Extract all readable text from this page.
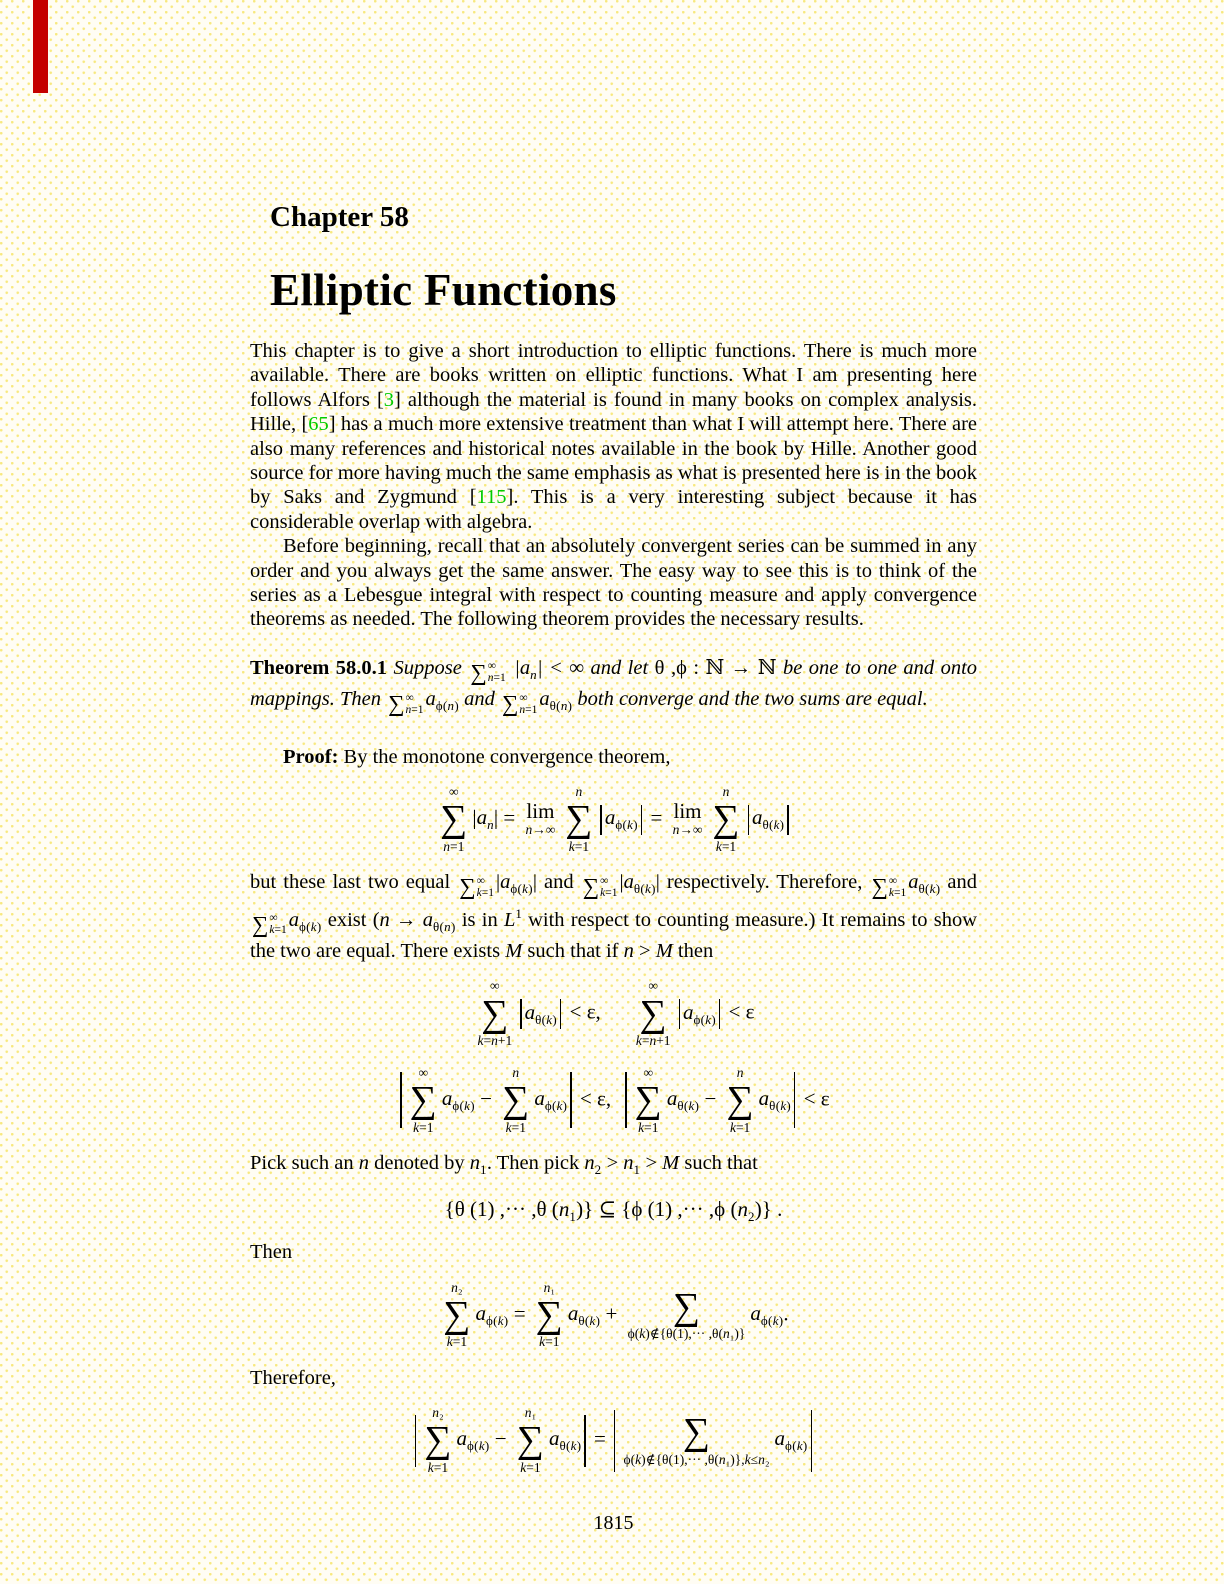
Chapter 58
Elliptic Functions
This chapter is to give a short introduction to elliptic functions. There is much more available. There are books written on elliptic functions. What I am presenting here follows Alfors [3] although the material is found in many books on complex analysis. Hille, [65] has a much more extensive treatment than what I will attempt here. There are also many references and historical notes available in the book by Hille. Another good source for more having much the same emphasis as what is presented here is in the book by Saks and Zygmund [115]. This is a very interesting subject because it has considerable overlap with algebra.
Before beginning, recall that an absolutely convergent series can be summed in any order and you always get the same answer. The easy way to see this is to think of the series as a Lebesgue integral with respect to counting measure and apply convergence theorems as needed. The following theorem provides the necessary results.
Theorem 58.0.1 Suppose ∑ ∞
n=1 $|a_n|$ < ∞ and let θ ,ϕ : ℕ → ℕ be one to one and onto mappings. Then ∑ ∞
n=1 $a_{\phi(n)}$ and ∑ ∞
n=1 $a_{\theta(n)}$ both converge and the two sums are equal.
Proof: By the monotone convergence theorem,
∞
∑
n=1
$|a_n| = \lim$
n→∞
n
∑
k=1
$a_{\phi(k)} = \lim$
n→∞
n
∑
k=1
$a_{\theta(k)}$
but these last two equal ∑ ∞
k=1 $|a_{\phi(k)}|$ and ∑ ∞
k=1 $|a_{\theta(k)}|$ respectively. Therefore, ∑ ∞
k=1 $a_{\theta(k)}$ and
∑ ∞
k=1 $a_{\phi(k)}$ exist ($n \to a_{\theta(n)}$ is in $L^1$ with respect to counting measure.) It remains to show the two are equal. There exists M such that if n > M then
∞
∑
k=n+1
$a_{\theta(k)} < \varepsilon$,
∞
∑
k=n+1
$a_{\phi(k)} < \varepsilon$
∞
∑
k=1
$a_{\phi(k)}$ −
n
∑
k=1
$a_{\phi(k)} < \varepsilon$,
∞
∑
k=1
$a_{\theta(k)}$ −
n
∑
k=1
$a_{\theta(k)} < \varepsilon$
Pick such an n denoted by $n_1$. Then pick $n_2 > n_1 > M$ such that
{θ (1) ,··· ,θ $(n_1)$} ⊆ {ϕ (1) ,··· ,ϕ $(n_2)$} .
Then
n₂
∑
k=1
$a_{\phi(k)}$ =
n₁
∑
k=1
$a_{\theta(k)}$ + ∑
ϕ(k)∉{θ(1),··· ,θ(n₁)}
$a_{\phi(k)}$.
Therefore,
n₂
∑
k=1
$a_{\phi(k)}$ −
n₁
∑
k=1
$a_{\theta(k)}$ = ∑
ϕ(k)∉{θ(1),··· ,θ(n₁)},k≤n₂
$a_{\phi(k)}$
1815
